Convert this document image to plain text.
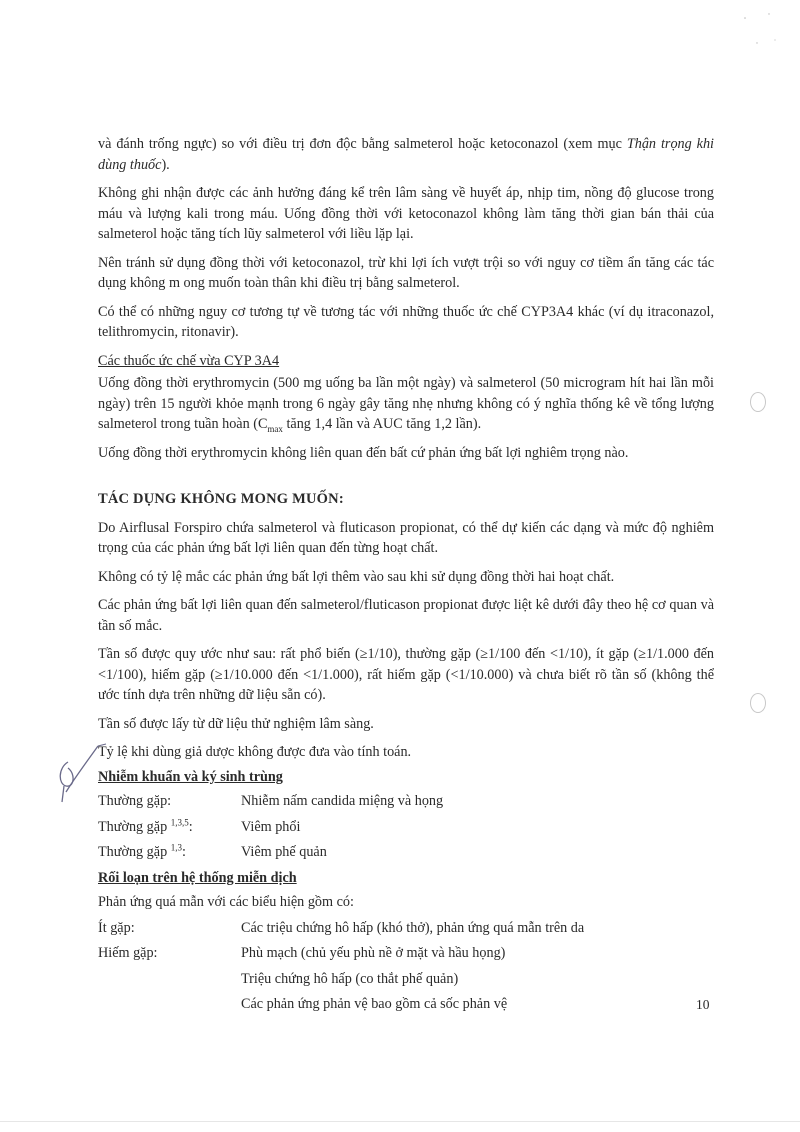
và đánh trống ngực) so với điều trị đơn độc bằng salmeterol hoặc ketoconazol (xem mục Thận trọng khi dùng thuốc).

Không ghi nhận được các ảnh hưởng đáng kể trên lâm sàng về huyết áp, nhịp tim, nồng độ glucose trong máu và lượng kali trong máu. Uống đồng thời với ketoconazol không làm tăng thời gian bán thải của salmeterol hoặc tăng tích lũy salmeterol với liều lặp lại.

Nên tránh sử dụng đồng thời với ketoconazol, trừ khi lợi ích vượt trội so với nguy cơ tiềm ẩn tăng các tác dụng không m ong muốn toàn thân khi điều trị bằng salmeterol.

Có thể có những nguy cơ tương tự về tương tác với những thuốc ức chế CYP3A4 khác (ví dụ itraconazol, telithromycin, ritonavir).

Các thuốc ức chế vừa CYP 3A4

Uống đồng thời erythromycin (500 mg uống ba lần một ngày) và salmeterol (50 microgram hít hai lần mỗi ngày) trên 15 người khỏe mạnh trong 6 ngày gây tăng nhẹ nhưng không có ý nghĩa thống kê về tổng lượng salmeterol trong tuần hoàn ($C_{max}$ tăng 1,4 lần và AUC tăng 1,2 lần).

Uống đồng thời erythromycin không liên quan đến bất cứ phản ứng bất lợi nghiêm trọng nào.

TÁC DỤNG KHÔNG MONG MUỐN:

Do Airflusal Forspiro chứa salmeterol và fluticason propionat, có thể dự kiến các dạng và mức độ nghiêm trọng của các phản ứng bất lợi liên quan đến từng hoạt chất.

Không có tỷ lệ mắc các phản ứng bất lợi thêm vào sau khi sử dụng đồng thời hai hoạt chất.

Các phản ứng bất lợi liên quan đến salmeterol/fluticason propionat được liệt kê dưới đây theo hệ cơ quan và tần số mắc.

Tần số được quy ước như sau: rất phổ biến (≥1/10), thường gặp (≥1/100 đến <1/10), ít gặp (≥1/1.000 đến <1/100), hiếm gặp (≥1/10.000 đến <1/1.000), rất hiếm gặp (<1/10.000) và chưa biết rõ tần số (không thể ước tính dựa trên những dữ liệu sẵn có).

Tần số được lấy từ dữ liệu thử nghiệm lâm sàng.

Tỷ lệ khi dùng giả dược không được đưa vào tính toán.

Nhiễm khuẩn và ký sinh trùng
Thường gặp:	Nhiễm nấm candida miệng và họng
Thường gặp $^{1,3,5}$:	Viêm phổi
Thường gặp $^{1,3}$:	Viêm phế quản
Rối loạn trên hệ thống miễn dịch
Phản ứng quá mẫn với các biểu hiện gồm có:
Ít gặp:	Các triệu chứng hô hấp (khó thở), phản ứng quá mẫn trên da
Hiếm gặp:	Phù mạch (chủ yếu phù nề ở mặt và hầu họng)
Triệu chứng hô hấp (co thắt phế quản)
Các phản ứng phản vệ bao gồm cả sốc phản vệ	10
